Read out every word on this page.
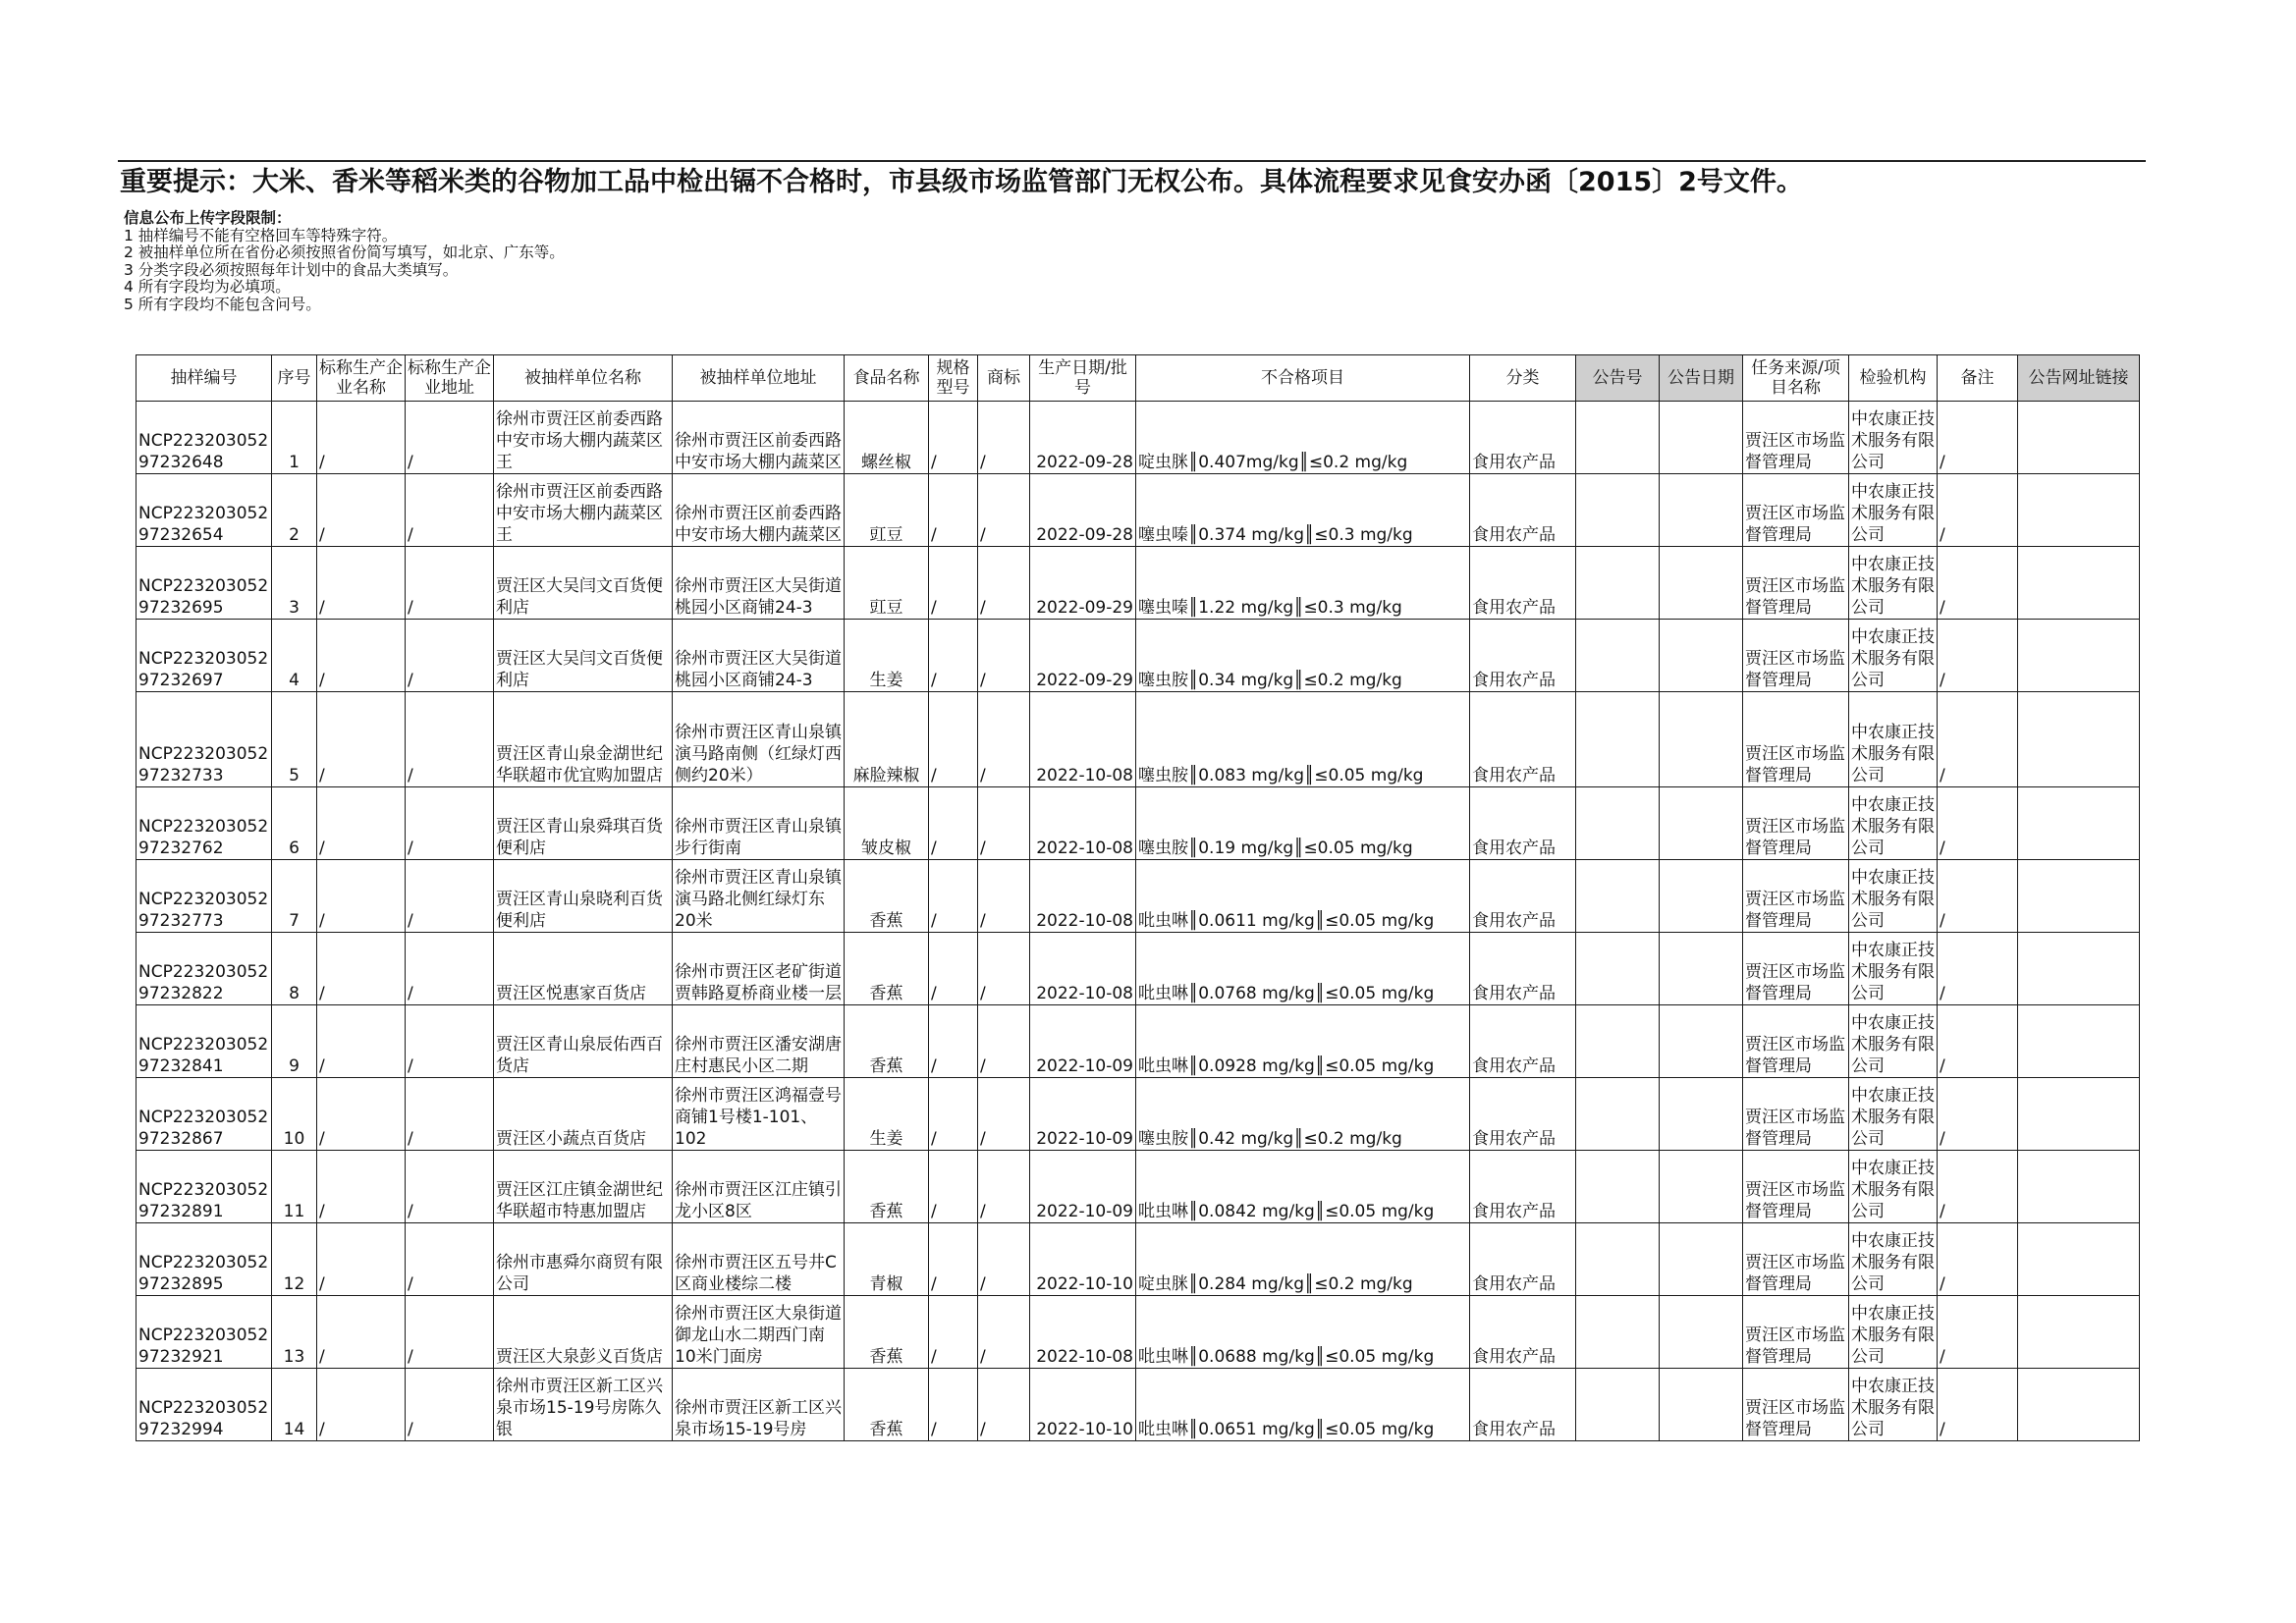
重要提示：大米、香米等稻米类的谷物加工品中检出镉不合格时，市县级市场监管部门无权公布。具体流程要求见食安办函〔2015〕2号文件。
信息公布上传字段限制：
1 抽样编号不能有空格回车等特殊字符。
2 被抽样单位所在省份必须按照省份简写填写，如北京、广东等。
3 分类字段必须按照每年计划中的食品大类填写。
4 所有字段均为必填项。
5 所有字段均不能包含问号。
抽样编号	序号	标称生产企业名称	标称生产企业地址	被抽样单位名称	被抽样单位地址	食品名称	规格型号	商标	生产日期/批号	不合格项目	分类	公告号	公告日期	任务来源/项目名称	检验机构	备注	公告网址链接
NCP22320305297232648	1	/	/	徐州市贾汪区前委西路中安市场大棚内蔬菜区王	徐州市贾汪区前委西路中安市场大棚内蔬菜区	螺丝椒	/	/	2022-09-28	啶虫脒║0.407mg/kg║≤0.2 mg/kg	食用农产品			贾汪区市场监督管理局	中农康正技术服务有限公司	/	
NCP22320305297232654	2	/	/	徐州市贾汪区前委西路中安市场大棚内蔬菜区王	徐州市贾汪区前委西路中安市场大棚内蔬菜区	豇豆	/	/	2022-09-28	噻虫嗪║0.374 mg/kg║≤0.3 mg/kg	食用农产品			贾汪区市场监督管理局	中农康正技术服务有限公司	/	
NCP22320305297232695	3	/	/	贾汪区大吴闫文百货便利店	徐州市贾汪区大吴街道桃园小区商铺24-3	豇豆	/	/	2022-09-29	噻虫嗪║1.22 mg/kg║≤0.3 mg/kg	食用农产品			贾汪区市场监督管理局	中农康正技术服务有限公司	/	
NCP22320305297232697	4	/	/	贾汪区大吴闫文百货便利店	徐州市贾汪区大吴街道桃园小区商铺24-3	生姜	/	/	2022-09-29	噻虫胺║0.34 mg/kg║≤0.2 mg/kg	食用农产品			贾汪区市场监督管理局	中农康正技术服务有限公司	/	
NCP22320305297232733	5	/	/	贾汪区青山泉金湖世纪华联超市优宜购加盟店	徐州市贾汪区青山泉镇演马路南侧（红绿灯西侧约20米）	麻脸辣椒	/	/	2022-10-08	噻虫胺║0.083 mg/kg║≤0.05 mg/kg	食用农产品			贾汪区市场监督管理局	中农康正技术服务有限公司	/	
NCP22320305297232762	6	/	/	贾汪区青山泉舜琪百货便利店	徐州市贾汪区青山泉镇步行街南	皱皮椒	/	/	2022-10-08	噻虫胺║0.19 mg/kg║≤0.05 mg/kg	食用农产品			贾汪区市场监督管理局	中农康正技术服务有限公司	/	
NCP22320305297232773	7	/	/	贾汪区青山泉晓利百货便利店	徐州市贾汪区青山泉镇演马路北侧红绿灯东20米	香蕉	/	/	2022-10-08	吡虫啉║0.0611 mg/kg║≤0.05 mg/kg	食用农产品			贾汪区市场监督管理局	中农康正技术服务有限公司	/	
NCP22320305297232822	8	/	/	贾汪区悦惠家百货店	徐州市贾汪区老矿街道贾韩路夏桥商业楼一层	香蕉	/	/	2022-10-08	吡虫啉║0.0768 mg/kg║≤0.05 mg/kg	食用农产品			贾汪区市场监督管理局	中农康正技术服务有限公司	/	
NCP22320305297232841	9	/	/	贾汪区青山泉辰佑西百货店	徐州市贾汪区潘安湖唐庄村惠民小区二期	香蕉	/	/	2022-10-09	吡虫啉║0.0928 mg/kg║≤0.05 mg/kg	食用农产品			贾汪区市场监督管理局	中农康正技术服务有限公司	/	
NCP22320305297232867	10	/	/	贾汪区小蔬点百货店	徐州市贾汪区鸿福壹号商铺1号楼1-101、102	生姜	/	/	2022-10-09	噻虫胺║0.42 mg/kg║≤0.2 mg/kg	食用农产品			贾汪区市场监督管理局	中农康正技术服务有限公司	/	
NCP22320305297232891	11	/	/	贾汪区江庄镇金湖世纪华联超市特惠加盟店	徐州市贾汪区江庄镇引龙小区8区	香蕉	/	/	2022-10-09	吡虫啉║0.0842 mg/kg║≤0.05 mg/kg	食用农产品			贾汪区市场监督管理局	中农康正技术服务有限公司	/	
NCP22320305297232895	12	/	/	徐州市惠舜尔商贸有限公司	徐州市贾汪区五号井C区商业楼综二楼	青椒	/	/	2022-10-10	啶虫脒║0.284 mg/kg║≤0.2 mg/kg	食用农产品			贾汪区市场监督管理局	中农康正技术服务有限公司	/	
NCP22320305297232921	13	/	/	贾汪区大泉彭义百货店	徐州市贾汪区大泉街道御龙山水二期西门南10米门面房	香蕉	/	/	2022-10-08	吡虫啉║0.0688 mg/kg║≤0.05 mg/kg	食用农产品			贾汪区市场监督管理局	中农康正技术服务有限公司	/	
NCP22320305297232994	14	/	/	徐州市贾汪区新工区兴泉市场15-19号房陈久银	徐州市贾汪区新工区兴泉市场15-19号房	香蕉	/	/	2022-10-10	吡虫啉║0.0651 mg/kg║≤0.05 mg/kg	食用农产品			贾汪区市场监督管理局	中农康正技术服务有限公司	/	
